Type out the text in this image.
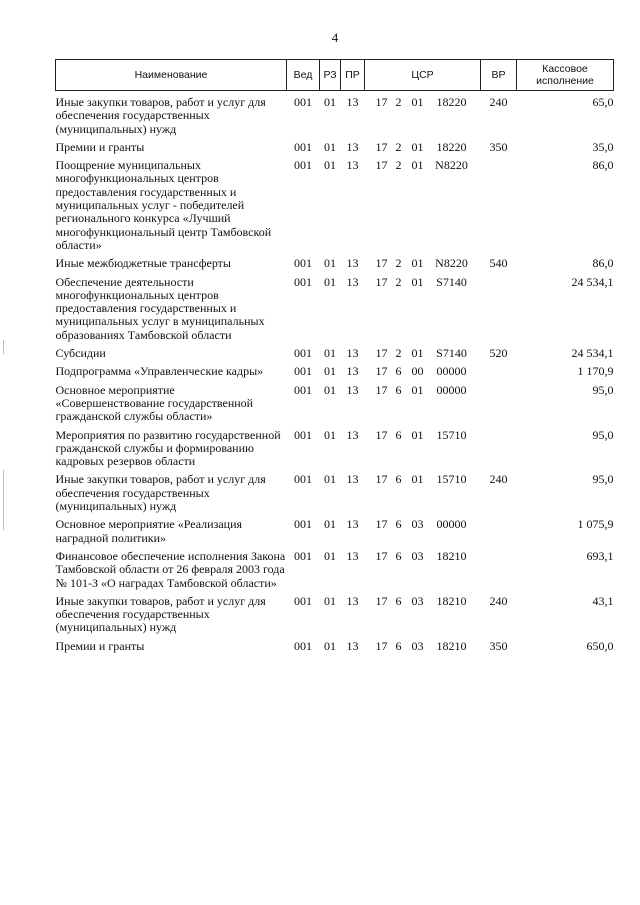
4
Наименование	Вед	РЗ	ПР	ЦСР	ВР	Кассовое исполнение

Иные закупки товаров, работ и услуг для обеспечения государственных (муниципальных) нужд	001	01	13	17 2 01 18220	240	65,0

Премии и гранты	001	01	13	17 2 01 18220	350	35,0

Поощрение муниципальных многофункциональных центров предоставления государственных и муниципальных услуг - победителей регионального конкурса «Лучший многофункциональный центр Тамбовской области»	001	01	13	17 2 01 N8220		86,0

Иные межбюджетные трансферты	001	01	13	17 2 01 N8220	540	86,0

Обеспечение деятельности многофункциональных центров предоставления государственных и муниципальных услуг в муниципальных образованиях Тамбовской области	001	01	13	17 2 01 S7140		24 534,1

Субсидии	001	01	13	17 2 01 S7140	520	24 534,1

Подпрограмма «Управленческие кадры»	001	01	13	17 6 00 00000		1 170,9

Основное мероприятие «Совершенствование государственной гражданской службы области»	001	01	13	17 6 01 00000		95,0

Мероприятия по развитию государственной гражданской службы и формированию кадровых резервов области	001	01	13	17 6 01 15710		95,0

Иные закупки товаров, работ и услуг для обеспечения государственных (муниципальных) нужд	001	01	13	17 6 01 15710	240	95,0

Основное мероприятие «Реализация наградной политики»	001	01	13	17 6 03 00000		1 075,9

Финансовое обеспечение исполнения Закона Тамбовской области от 26 февраля 2003 года № 101-З «О наградах Тамбовской области»	001	01	13	17 6 03 18210		693,1

Иные закупки товаров, работ и услуг для обеспечения государственных (муниципальных) нужд	001	01	13	17 6 03 18210	240	43,1

Премии и гранты	001	01	13	17 6 03 18210	350	650,0
